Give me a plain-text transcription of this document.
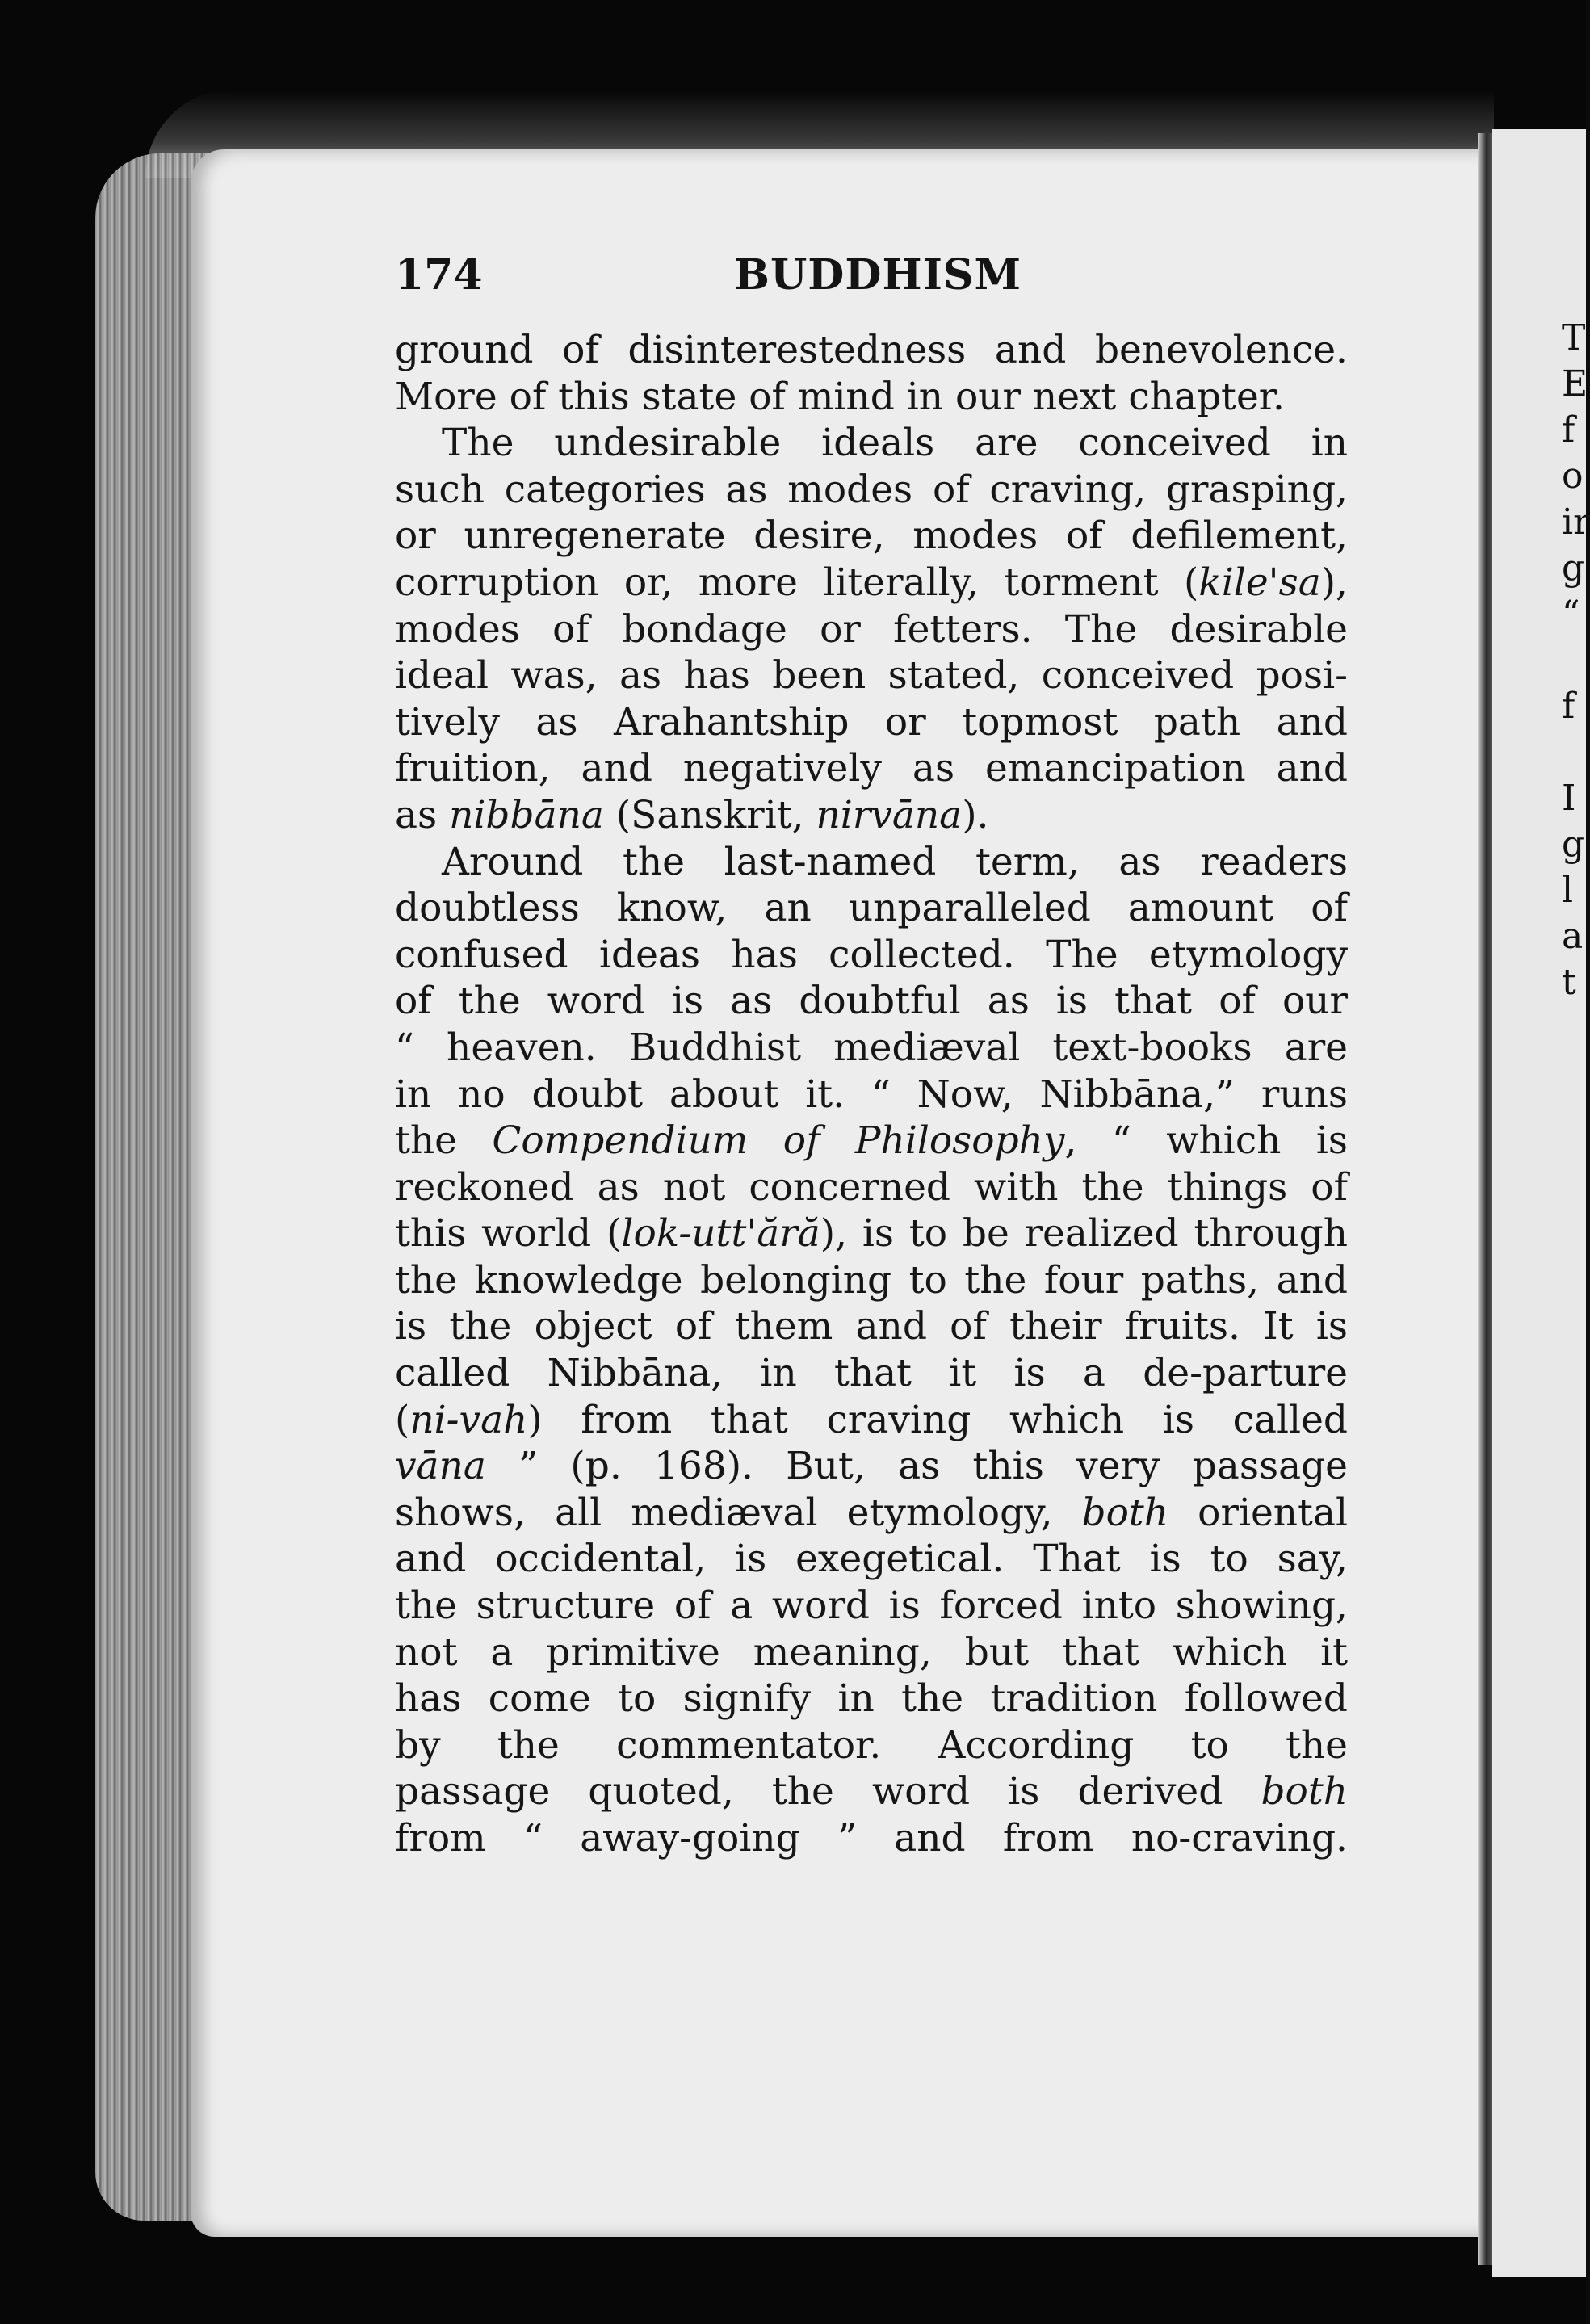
174	BUDDHISM
ground of disinterestedness and benevolence.
More of this state of mind in our next chapter.
The undesirable ideals are conceived in
such categories as modes of craving, grasping,
or unregenerate desire, modes of defilement,
corruption or, more literally, torment (kile'sa),
modes of bondage or fetters. The desirable
ideal was, as has been stated, conceived posi-
tively as Arahantship or topmost path and
fruition, and negatively as emancipation and
as nibbāna (Sanskrit, nirvāna).
Around the last-named term, as readers
doubtless know, an unparalleled amount of
confused ideas has collected. The etymology
of the word is as doubtful as is that of our
“ heaven. Buddhist mediæval text-books are
in no doubt about it. “ Now, Nibbāna,” runs
the Compendium of Philosophy, “ which is
reckoned as not concerned with the things of
this world (lok-utt'ără), is to be realized through
the knowledge belonging to the four paths, and
is the object of them and of their fruits. It is
called Nibbāna, in that it is a de-parture
(ni-vah) from that craving which is called
vāna ” (p. 168). But, as this very passage
shows, all mediæval etymology, both oriental
and occidental, is exegetical. That is to say,
the structure of a word is forced into showing,
not a primitive meaning, but that which it
has come to signify in the tradition followed
by the commentator. According to the
passage quoted, the word is derived both
from “ away-going ” and from no-craving.
T
E
f
o
ir
g
“
f
I
g
l
a
t
